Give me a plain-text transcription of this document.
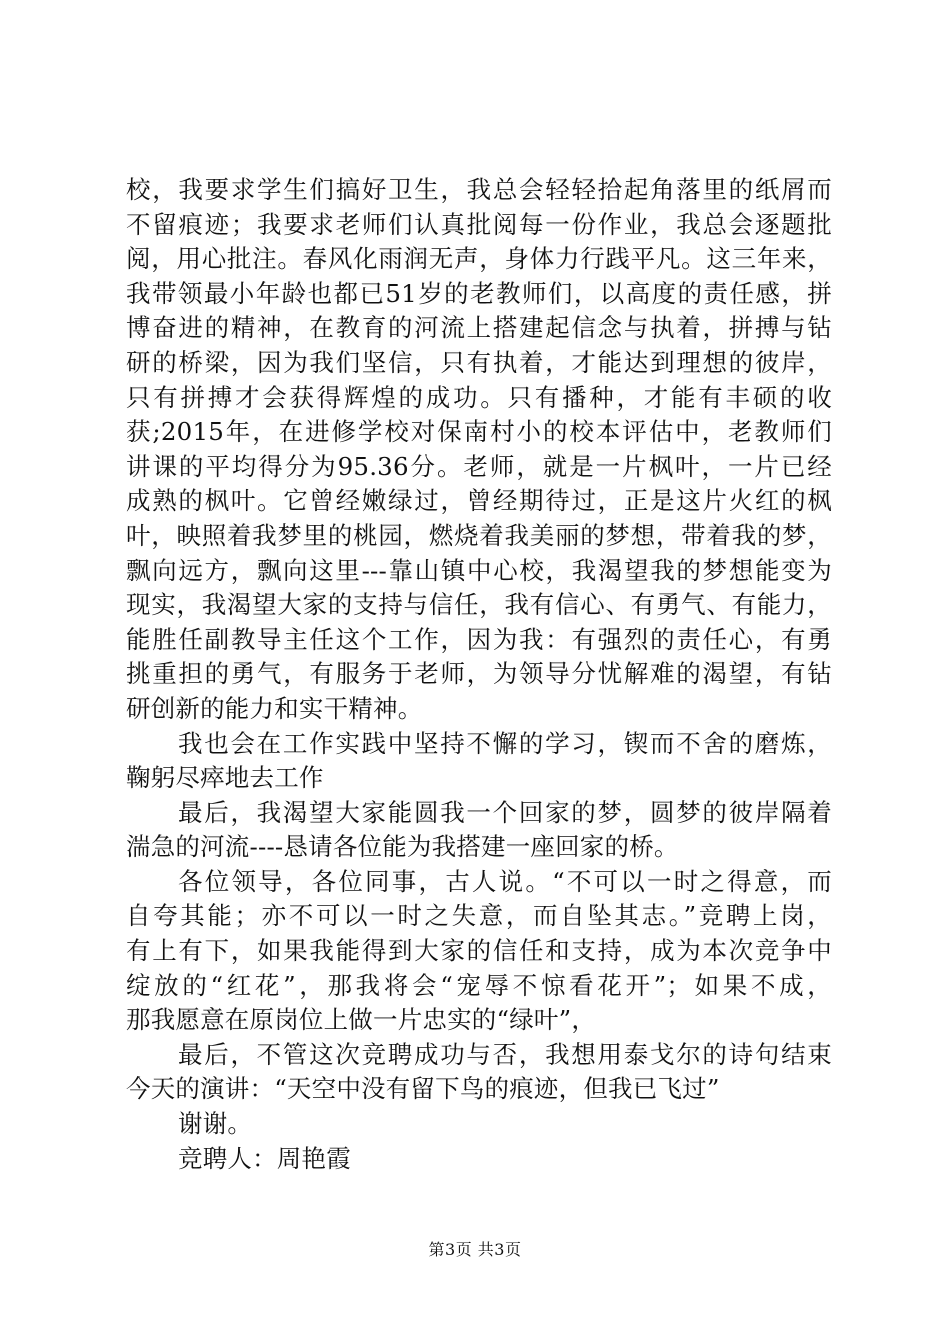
校，我要求学生们搞好卫生，我总会轻轻拾起角落里的纸屑而
不留痕迹；我要求老师们认真批阅每一份作业，我总会逐题批
阅，用心批注。春风化雨润无声，身体力行践平凡。这三年来，
我带领最小年龄也都已51岁的老教师们，以高度的责任感，拼
博奋进的精神，在教育的河流上搭建起信念与执着，拼搏与钻
研的桥梁，因为我们坚信，只有执着，才能达到理想的彼岸，
只有拼搏才会获得辉煌的成功。只有播种，才能有丰硕的收
获;2015年，在进修学校对保南村小的校本评估中，老教师们
讲课的平均得分为95.36分。老师，就是一片枫叶，一片已经
成熟的枫叶。它曾经嫩绿过，曾经期待过，正是这片火红的枫
叶，映照着我梦里的桃园，燃烧着我美丽的梦想，带着我的梦，
飘向远方，飘向这里---靠山镇中心校，我渴望我的梦想能变为
现实，我渴望大家的支持与信任，我有信心、有勇气、有能力，
能胜任副教导主任这个工作，因为我：有强烈的责任心，有勇
挑重担的勇气，有服务于老师，为领导分忧解难的渴望，有钻
研创新的能力和实干精神。
我也会在工作实践中坚持不懈的学习，锲而不舍的磨炼，
鞠躬尽瘁地去工作
最后，我渴望大家能圆我一个回家的梦，圆梦的彼岸隔着
湍急的河流----恳请各位能为我搭建一座回家的桥。
各位领导，各位同事，古人说。“不可以一时之得意，而
自夸其能；亦不可以一时之失意，而自坠其志。”竞聘上岗，
有上有下，如果我能得到大家的信任和支持，成为本次竞争中
绽放的“红花”，那我将会“宠辱不惊看花开”；如果不成，
那我愿意在原岗位上做一片忠实的“绿叶”，
最后，不管这次竞聘成功与否，我想用泰戈尔的诗句结束
今天的演讲：“天空中没有留下鸟的痕迹，但我已飞过”
谢谢。
竞聘人：周艳霞
第3页 共3页
